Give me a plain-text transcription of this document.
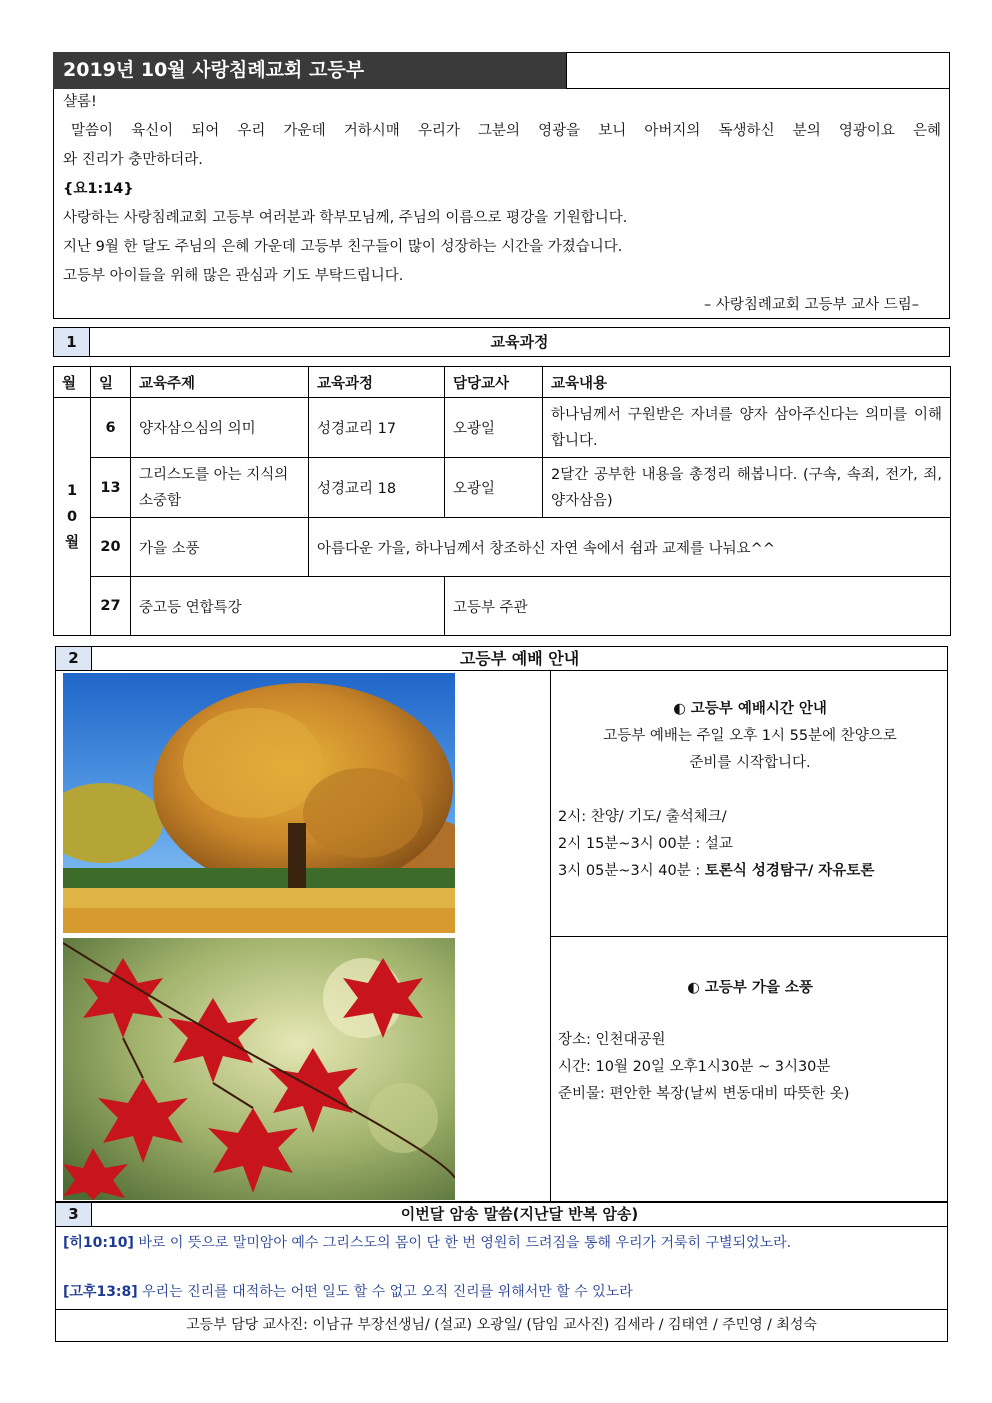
2019년 10월 사랑침례교회 고등부
샬롬!
말씀이 육신이 되어 우리 가운데 거하시매 우리가 그분의 영광을 보니 아버지의 독생하신 분의 영광이요 은혜
와 진리가 충만하더라.
{요1:14}
사랑하는 사랑침례교회 고등부 여러분과 학부모님께, 주님의 이름으로 평강을 기원합니다.
지난 9월 한 달도 주님의 은혜 가운데 고등부 친구들이 많이 성장하는 시간을 가졌습니다.
고등부 아이들을 위해 많은 관심과 기도 부탁드립니다.
– 사랑침례교회 고등부 교사 드림–
1	교육과정
월	일	교육주제	교육과정	담당교사	교육내용

10월	6	양자삼으심의 의미	성경교리 17	오광일	하나님께서 구원받은 자녀를 양자 삼아주신다는 의미를 이해합니다.
	13	그리스도를 아는 지식의 소중함	성경교리 18	오광일	2달간 공부한 내용을 총정리 해봅니다. (구속, 속죄, 전가, 죄, 양자삼음)
	20	가을 소풍	아름다운 가을, 하나님께서 창조하신 자연 속에서 쉼과 교제를 나눠요^^		
	27	중고등 연합특강		고등부 주관	
2	고등부 예배 안내
◐ 고등부 예배시간 안내
고등부 예배는 주일 오후 1시 55분에 찬양으로
준비를 시작합니다.
2시: 찬양/ 기도/ 출석체크/
2시 15분~3시 00분 : 설교
3시 05분~3시 40분 : 토론식 성경탐구/ 자유토론
◐ 고등부 가을 소풍
장소: 인천대공원
시간: 10월 20일 오후1시30분 ~ 3시30분
준비물: 편안한 복장(날씨 변동대비 따뜻한 옷)
3	이번달 암송 말씀(지난달 반복 암송)
[히10:10] 바로 이 뜻으로 말미암아 예수 그리스도의 몸이 단 한 번 영원히 드려짐을 통해 우리가 거룩히 구별되었노라.
[고후13:8] 우리는 진리를 대적하는 어떤 일도 할 수 없고 오직 진리를 위해서만 할 수 있노라
고등부 담당 교사진: 이남규 부장선생님/ (설교) 오광일/ (담임 교사진) 김세라 / 김태연 / 주민영 / 최성숙
